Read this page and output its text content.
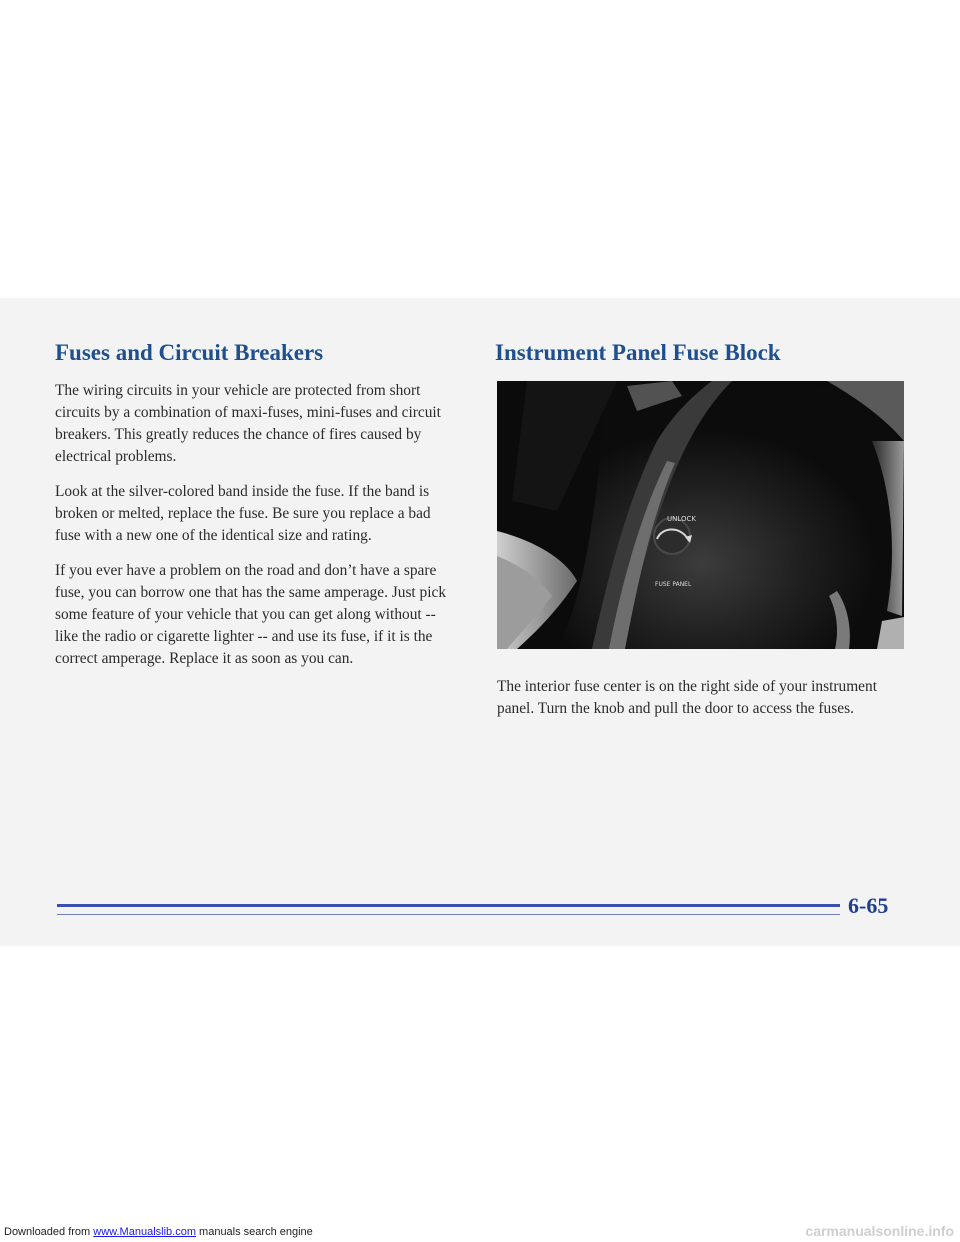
Fuses and Circuit Breakers

The wiring circuits in your vehicle are protected from short circuits by a combination of maxi-fuses, mini-fuses and circuit breakers. This greatly reduces the chance of fires caused by electrical problems.

Look at the silver-colored band inside the fuse. If the band is broken or melted, replace the fuse. Be sure you replace a bad fuse with a new one of the identical size and rating.

If you ever have a problem on the road and don’t have a spare fuse, you can borrow one that has the same amperage. Just pick some feature of your vehicle that you can get along without -- like the radio or cigarette lighter -- and use its fuse, if it is the correct amperage. Replace it as soon as you can.

Instrument Panel Fuse Block
UNLOCK
FUSE PANEL

The interior fuse center is on the right side of your instrument panel. Turn the knob and pull the door to access the fuses.

6-65
Downloaded from www.Manualslib.com manuals search engine	carmanualsonline.info
